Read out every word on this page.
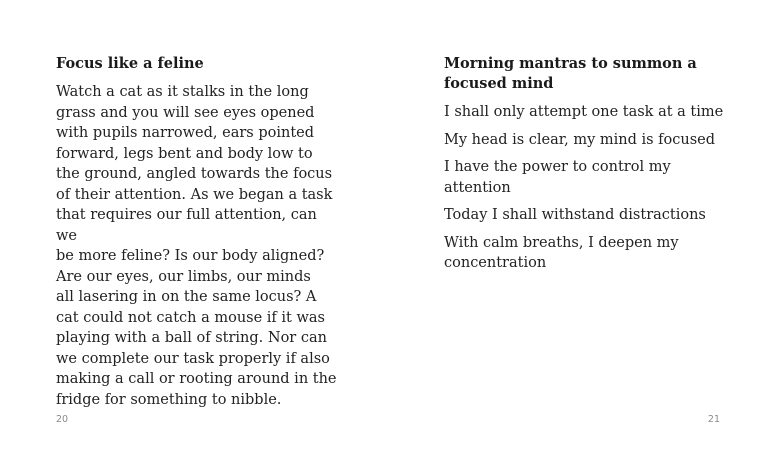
Focus like a feline

Watch a cat as it stalks in the long
grass and you will see eyes opened
with pupils narrowed, ears pointed
forward, legs bent and body low to
the ground, angled towards the focus
of their attention. As we began a task
that requires our full attention, can we
be more feline? Is our body aligned?
Are our eyes, our limbs, our minds
all lasering in on the same locus? A
cat could not catch a mouse if it was
playing with a ball of string. Nor can
we complete our task properly if also
making a call or rooting around in the
fridge for something to nibble.

20
Morning mantras to summon a
focused mind
I shall only attempt one task at a time
My head is clear, my mind is focused
I have the power to control my
attention
Today I shall withstand distractions
With calm breaths, I deepen my
concentration
21
